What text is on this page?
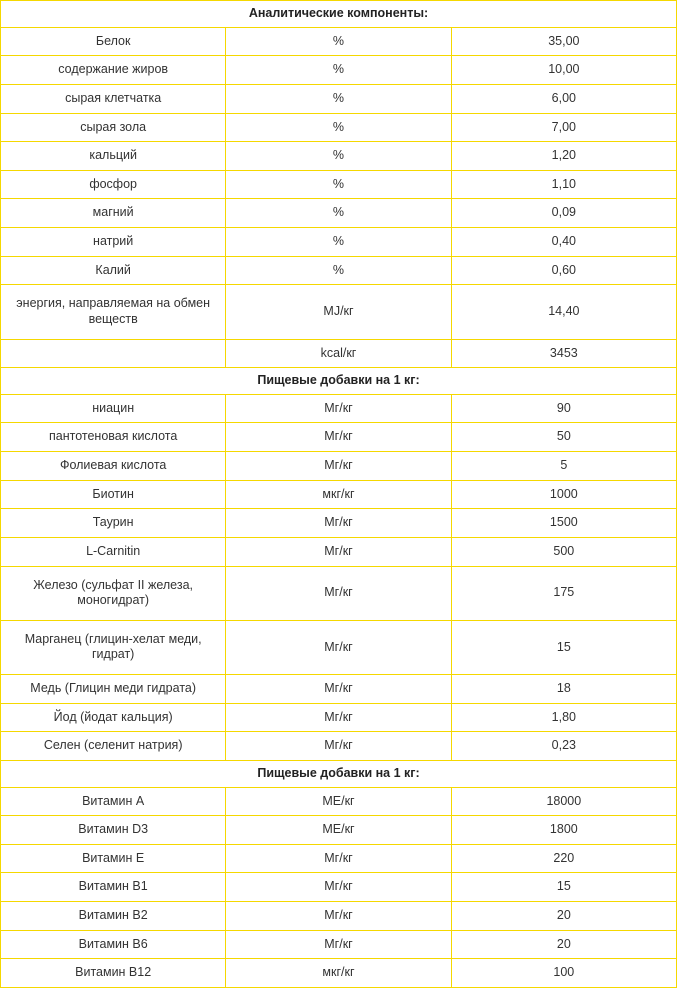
Аналитические компоненты:		
Белок	%	35,00
содержание жиров	%	10,00
сырая клетчатка	%	6,00
сырая зола	%	7,00
кальций	%	1,20
фосфор	%	1,10
магний	%	0,09
натрий	%	0,40
Калий	%	0,60
энергия, направляемая на обмен веществ	MJ/кг	14,40
	kcal/кг	3453
Пищевые добавки на 1 кг:		
ниацин	Мг/кг	90
пантотеновая кислота	Мг/кг	50
Фолиевая кислота	Мг/кг	5
Биотин	мкг/кг	1000
Таурин	Мг/кг	1500
L-Carnitin	Мг/кг	500
Железо (сульфат II железа, моногидрат)	Мг/кг	175
Марганец (глицин-хелат меди, гидрат)	Мг/кг	15
Медь (Глицин меди гидрата)	Мг/кг	18
Йод (йодат кальция)	Мг/кг	1,80
Селен (селенит натрия)	Мг/кг	0,23
Пищевые добавки на 1 кг:		
Витамин A	МЕ/кг	18000
Витамин D3	МЕ/кг	1800
Витамин E	Мг/кг	220
Витамин B1	Мг/кг	15
Витамин B2	Мг/кг	20
Витамин B6	Мг/кг	20
Витамин B12	мкг/кг	100
